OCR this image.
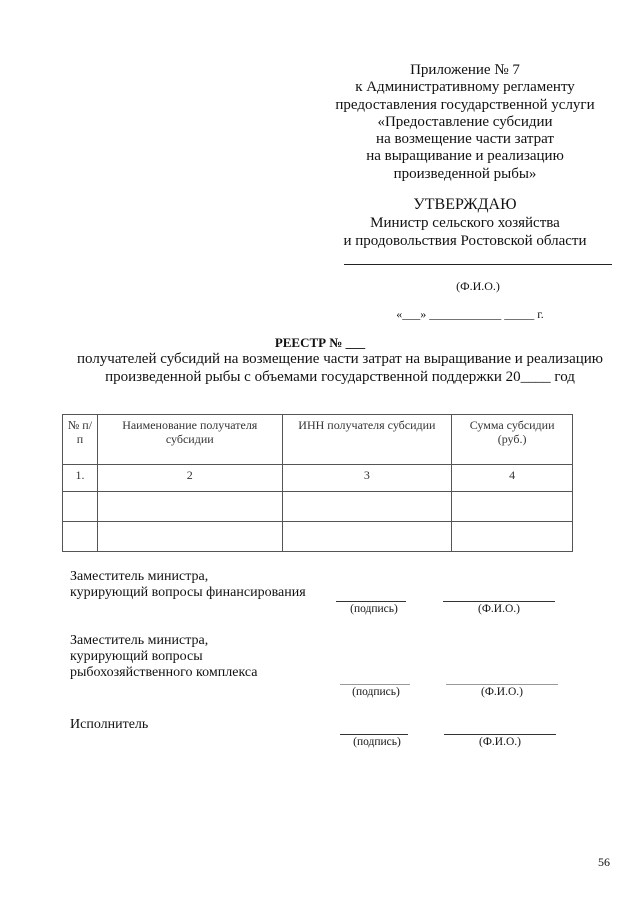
Приложение № 7
к Административному регламенту
предоставления государственной услуги
«Предоставление субсидии
на возмещение части затрат
на выращивание и реализацию
произведенной рыбы»
УТВЕРЖДАЮ
Министр сельского хозяйства
и продовольствия Ростовской области
(Ф.И.О.)
«___» ____________ _____ г.
РЕЕСТР № ___
получателей субсидий на возмещение части затрат на выращивание и реализацию
произведенной рыбы с объемами государственной поддержки 20____ год
№ п/п	Наименование получателя субсидии	ИНН получателя субсидии	Сумма субсидии (руб.)
1.	2	3	4

Заместитель министра,
курирующий вопросы финансирования
(подпись)	(Ф.И.О.)
Заместитель министра,
курирующий вопросы
рыбохозяйственного комплекса
(подпись)	(Ф.И.О.)
Исполнитель
(подпись)	(Ф.И.О.)
56
